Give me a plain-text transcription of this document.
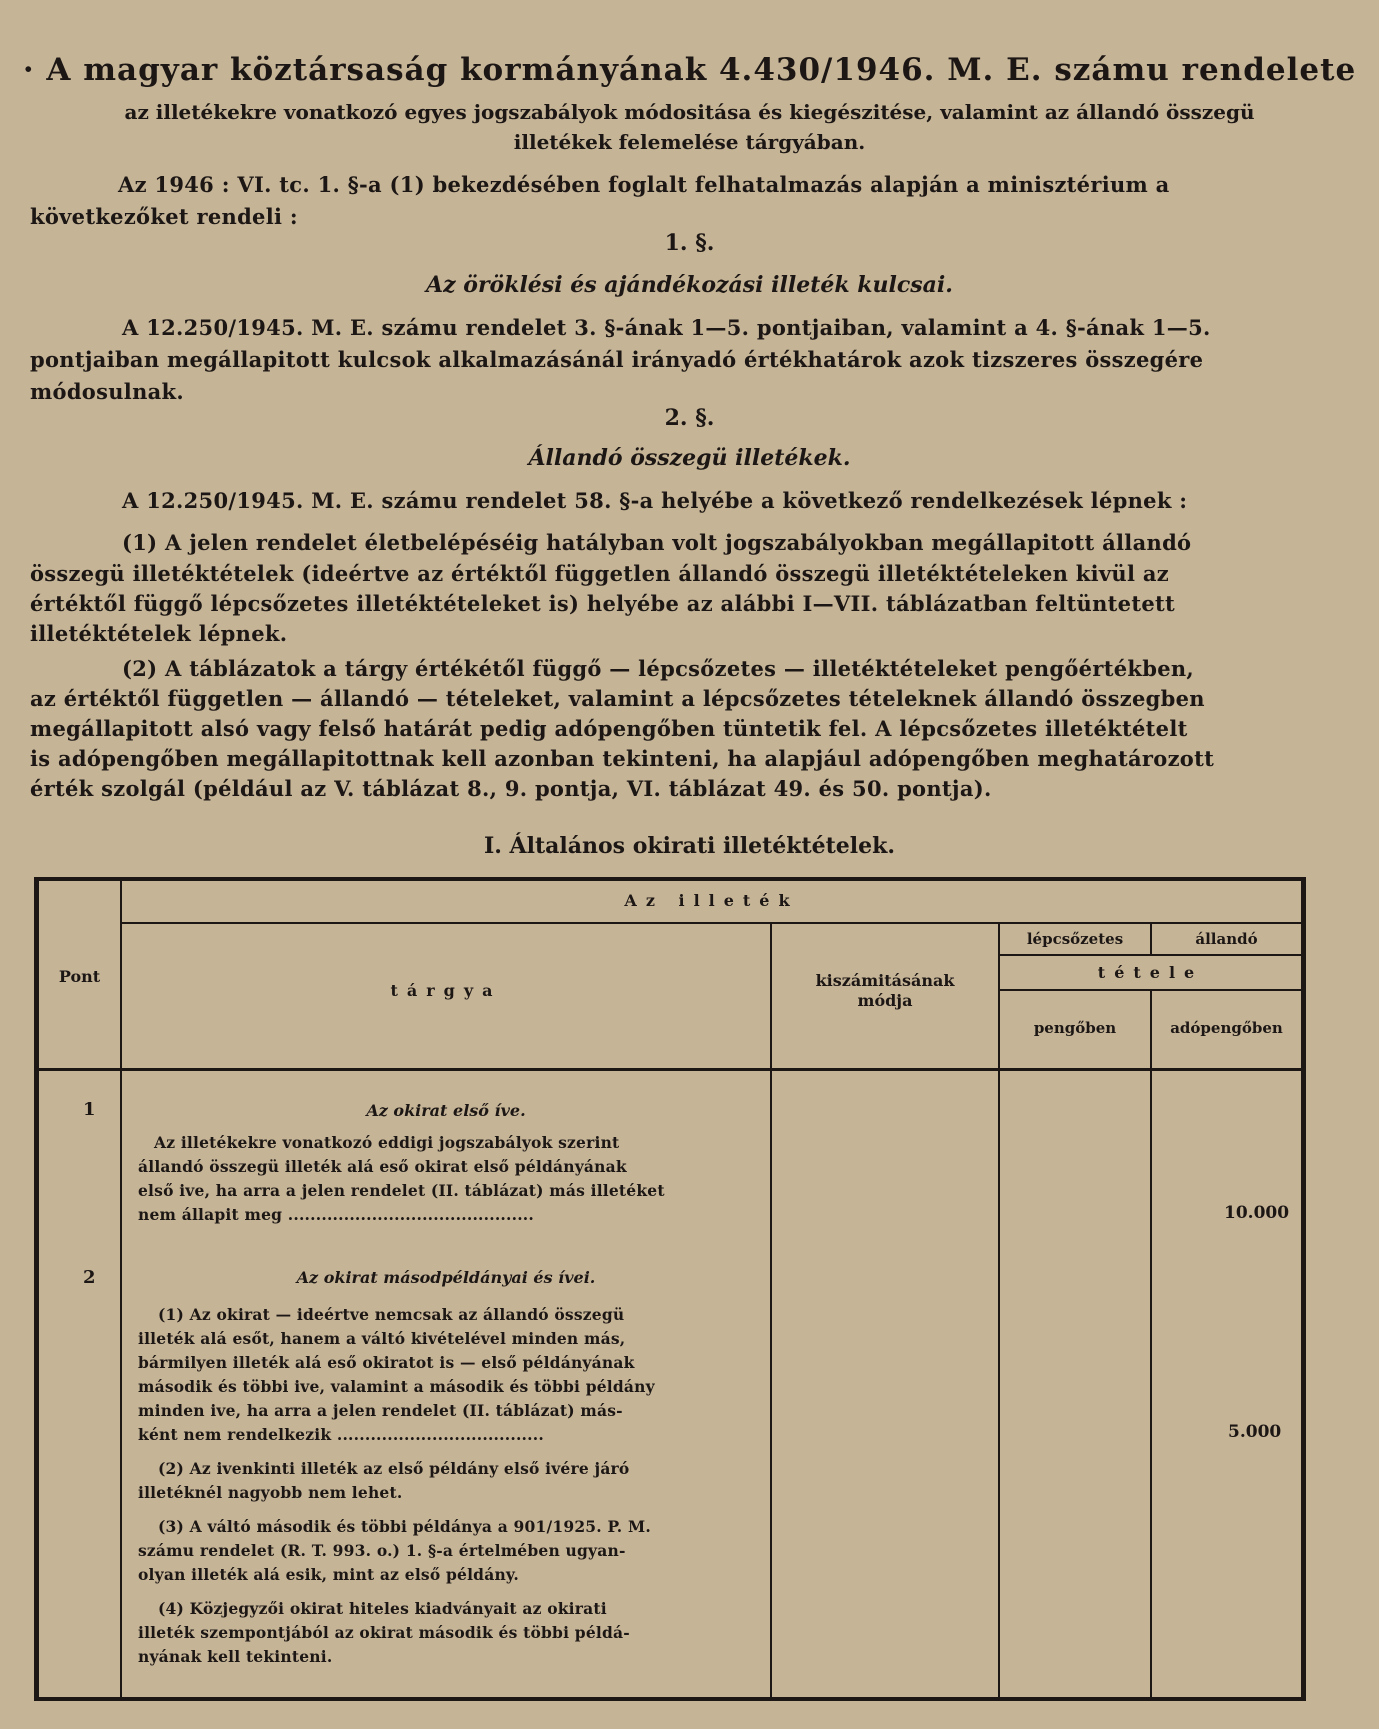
· A magyar köztársaság kormányának 4.430/1946. M. E. számu rendelete
az illetékekre vonatkozó egyes jogszabályok módositása és kiegészitése, valamint az állandó összegü
illetékek felemelése tárgyában.
Az 1946 : VI. tc. 1. §-a (1) bekezdésében foglalt felhatalmazás alapján a minisztérium a
következőket rendeli :
1. §.
Az öröklési és ajándékozási illeték kulcsai.
A 12.250/1945. M. E. számu rendelet 3. §-ának 1—5. pontjaiban, valamint a 4. §-ának 1—5.
pontjaiban megállapitott kulcsok alkalmazásánál irányadó értékhatárok azok tizszeres összegére
módosulnak.
2. §.
Állandó összegü illetékek.
A 12.250/1945. M. E. számu rendelet 58. §-a helyébe a következő rendelkezések lépnek :
(1) A jelen rendelet életbelépéséig hatályban volt jogszabályokban megállapitott állandó
összegü illetéktételek (ideértve az értéktől független állandó összegü illetéktételeken kivül az
értéktől függő lépcsőzetes illetéktételeket is) helyébe az alábbi I—VII. táblázatban feltüntetett
illetéktételek lépnek.
(2) A táblázatok a tárgy értékétől függő — lépcsőzetes — illetéktételeket pengőértékben,
az értéktől független — állandó — tételeket, valamint a lépcsőzetes tételeknek állandó összegben
megállapitott alsó vagy felső határát pedig adópengőben tüntetik fel. A lépcsőzetes illetéktételt
is adópengőben megállapitottnak kell azonban tekinteni, ha alapjául adópengőben meghatározott
érték szolgál (például az V. táblázat 8., 9. pontja, VI. táblázat 49. és 50. pontja).
I. Általános okirati illetéktételek.
Pont
Az illeték
tárgya
kiszámitásának
módja
lépcsőzetes	állandó
tétele
pengőben	adópengőben
1	Az okirat első íve.
Az illetékekre vonatkozó eddigi jogszabályok szerint
állandó összegü illeték alá eső okirat első példányának
első ive, ha arra a jelen rendelet (II. táblázat) más illetéket
nem állapit meg ............................................	10.000
2	Az okirat másodpéldányai és ívei.
(1) Az okirat — ideértve nemcsak az állandó összegü
illeték alá esőt, hanem a váltó kivételével minden más,
bármilyen illeték alá eső okiratot is — első példányának
második és többi ive, valamint a második és többi példány
minden ive, ha arra a jelen rendelet (II. táblázat) más-
ként nem rendelkezik .....................................	5.000
(2) Az ivenkinti illeték az első példány első ivére járó
illetéknél nagyobb nem lehet.
(3) A váltó második és többi példánya a 901/1925. P. M.
számu rendelet (R. T. 993. o.) 1. §-a értelmében ugyan-
olyan illeték alá esik, mint az első példány.
(4) Közjegyzői okirat hiteles kiadványait az okirati
illeték szempontjából az okirat második és többi példá-
nyának kell tekinteni.
